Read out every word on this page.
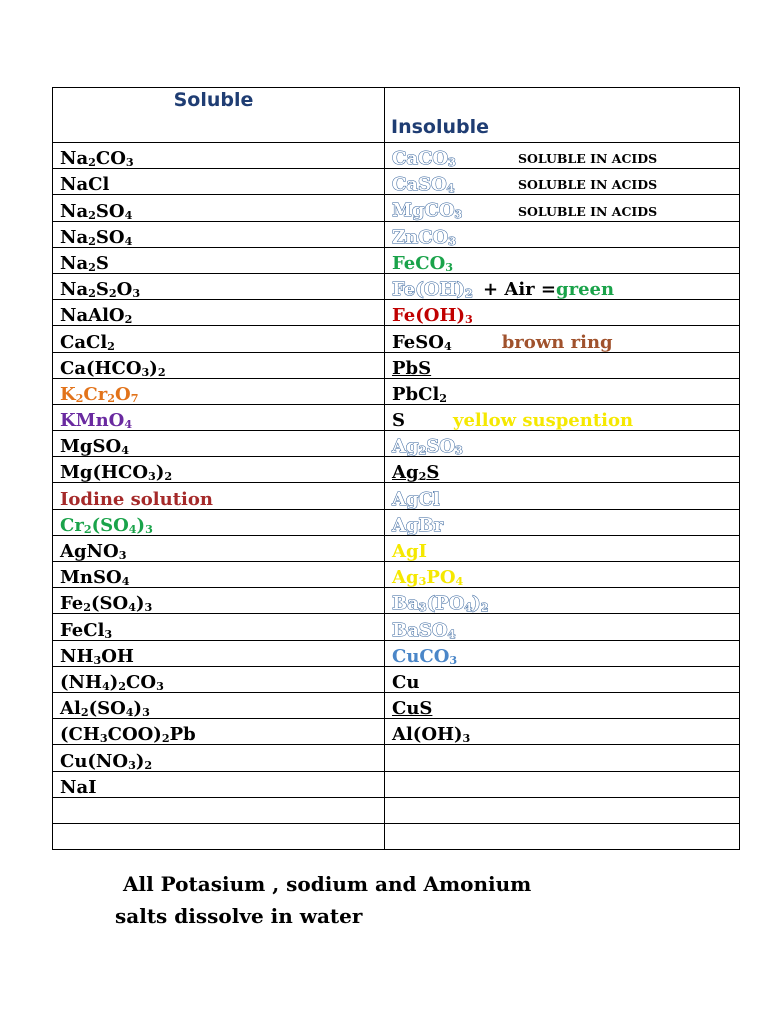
Soluble	Insoluble

$Na_2CO_3$	CaCO$_3$ SOLUBLE IN ACIDS
NaCl	CaSO$_4$ SOLUBLE IN ACIDS
$Na_2SO_4$	MgCO$_3$ SOLUBLE IN ACIDS
$Na_2SO_4$	ZnCO$_3$
$Na_2S$	FeCO$_3$
$Na_2S_2O_3$	$Fe(OH)_2$ + Air =green
NaAlO$_2$	$Fe(OH)_3$
CaCl$_2$	FeSO$_4$ brown ring
$Ca(HCO_3)_2$	PbS
$K_2Cr_2O_7$	PbCl$_2$
KMnO$_4$	S yellow suspention
MgSO$_4$	$Ag_2SO_3$
$Mg(HCO_3)_2$	$Ag_2S$
Iodine solution	AgCl
$Cr_2(SO_4)_3$	AgBr
AgNO$_3$	AgI
MnSO$_4$	$Ag_3PO_4$
$Fe_2(SO_4)_3$	$Ba_3(PO_4)_2$
FeCl$_3$	BaSO$_4$
$NH_3OH$	CuCO$_3$
$(NH_4)_2CO_3$	Cu
$Al_2(SO_4)_3$	CuS
$(CH_3COO)_2Pb$	$Al(OH)_3$
$Cu(NO_3)_2$	
NaI	

All Potasium , sodium and Amonium
salts dissolve in water
